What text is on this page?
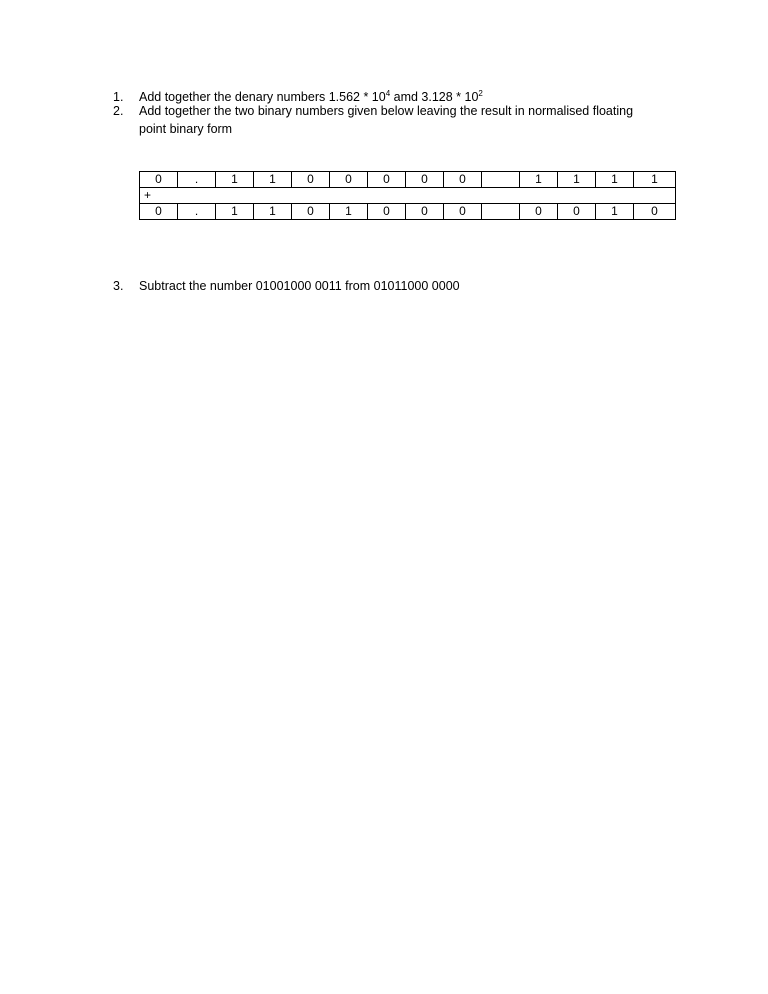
1.	Add together the denary numbers $1.562 * 10^4$ amd $3.128 * 10^2$
2.	Add together the two binary numbers given below leaving the result in normalised floating
point binary form
0	.	1	1	0	0	0	0	0		1	1	1	1
+													
0	.	1	1	0	1	0	0	0		0	0	1	0
3.	Subtract the number 01001000 0011 from 01011000 0000
